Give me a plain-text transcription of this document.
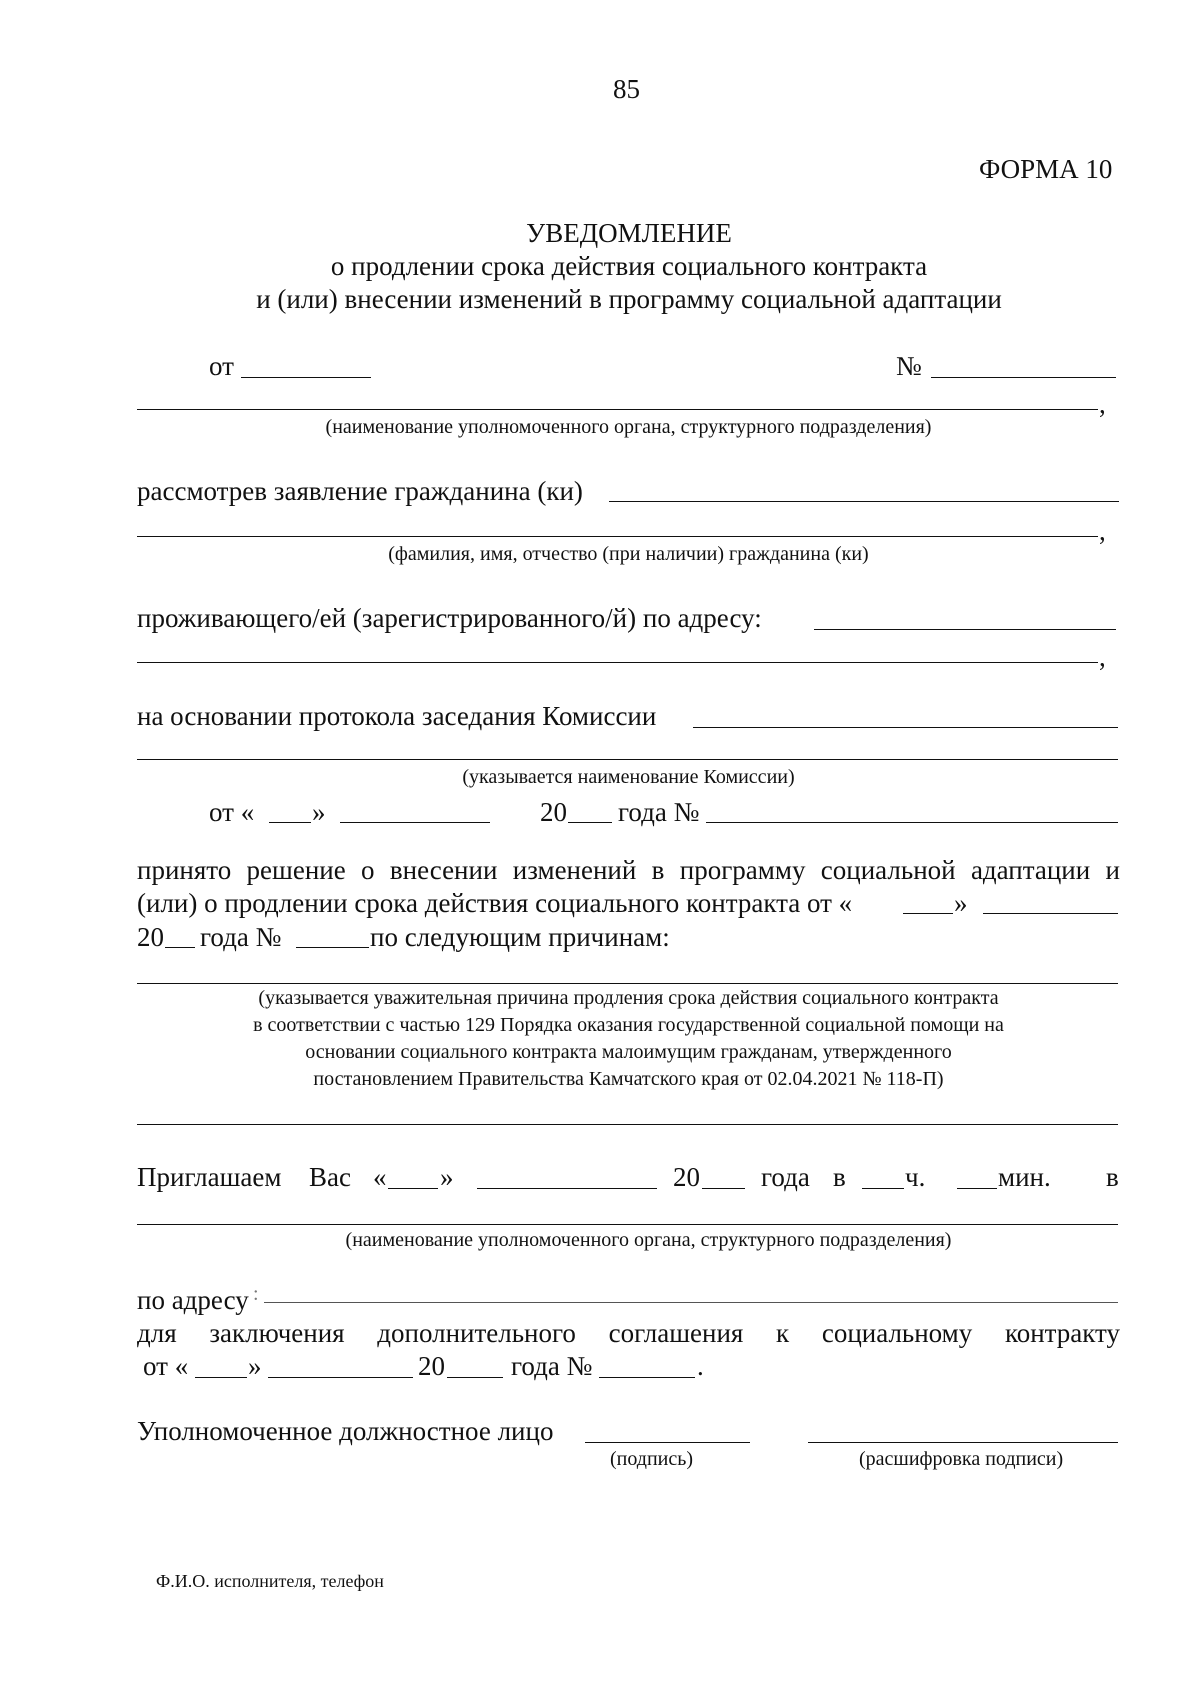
85
ФОРМА 10
УВЕДОМЛЕНИЕ
о продлении срока действия социального контракта
и (или) внесении изменений в программу социальной адаптации
от	№
,
(наименование уполномоченного органа, структурного подразделения)
рассмотрев заявление гражданина (ки)
,
(фамилия, имя, отчество (при наличии) гражданина (ки)
проживающего/ей (зарегистрированного/й) по адресу:
,
на основании протокола заседания Комиссии
(указывается наименование Комиссии)
от « »	20 года №
принято решение о внесении изменений в программу социальной адаптации и
(или) о продлении срока действия социального контракта от «	»
20 года №	по следующим причинам:
(указывается уважительная причина продления срока действия социального контракта
в соответствии с частью 129 Порядка оказания государственной социальной помощи на
основании социального контракта малоимущим гражданам, утвержденного
постановлением Правительства Камчатского края от 02.04.2021 № 118-П)
Приглашаем Вас « »	20 года в ч.	мин. в
(наименование уполномоченного органа, структурного подразделения)
по адресу :
для заключения дополнительного соглашения к социальному контракту
от « »	20 года №	.
Уполномоченное должностное лицо
(подпись)	(расшифровка подписи)
Ф.И.О. исполнителя, телефон
